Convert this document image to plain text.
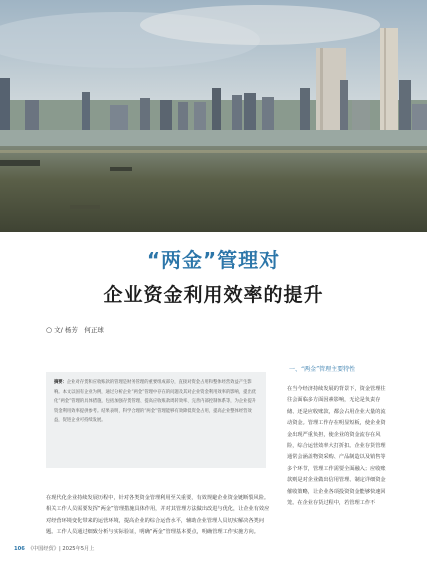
“两金”管理对
企业资金利用效率的提升
○ 文/ 杨芳　何正球
摘要：企业对存货和应收账款的管理是财务管理的重要组成部分，直接对资金占用和整体经营效益产生影响。本文以国有企业为例，通过分析企业“两金”管理中存在的问题及其对企业资金利用效率的影响，提出优化“两金”管理的具体措施，包括加强存货管理、提高应收账款周转效率、完善内部控制体系等，为企业提升资金利用效率提供参考。结果表明，科学合理的“两金”管理能够有效降低资金占用，提高企业整体经营效益，促进企业可持续发展。
一、“两金”管理主要特性

在当今经济持续发展的背景下，资金管理往往会面临多方面因素影响，无论是负责存储、还是应收账款，都会占用企业大量的流动资金。管理工作存在明显短板，使企业资金出现严重负担，使企业的资金流存在风险，综合运营效率大打折扣。企业存货管理通常会涵盖物资采购、产品制造以及销售等多个环节，管理工作需要全面融入；应收账款则是对企业做出信用管理、制定详细资金催收策略，让企业各项投资资金能够快速回笼。在企业存货过程中，若管理工作不

在现代化企业持续发展历程中，针对各类资金管理利用至关重要，有效规避企业资金链断裂风险。相关工作人员需要发挥“两金”管理措施具体作用，并对其管理方法做出改进与优化，让企业有效应对经营环境变化带来的运营环境，提高企业的综合运营水平，辅助企业管理人员切实解决各类问题。工作人员通过细致分析与实际验证，明确“两金”管理基本要点，明确管理工作实施方向。

106 《中国经贸》| 2025年5月上
